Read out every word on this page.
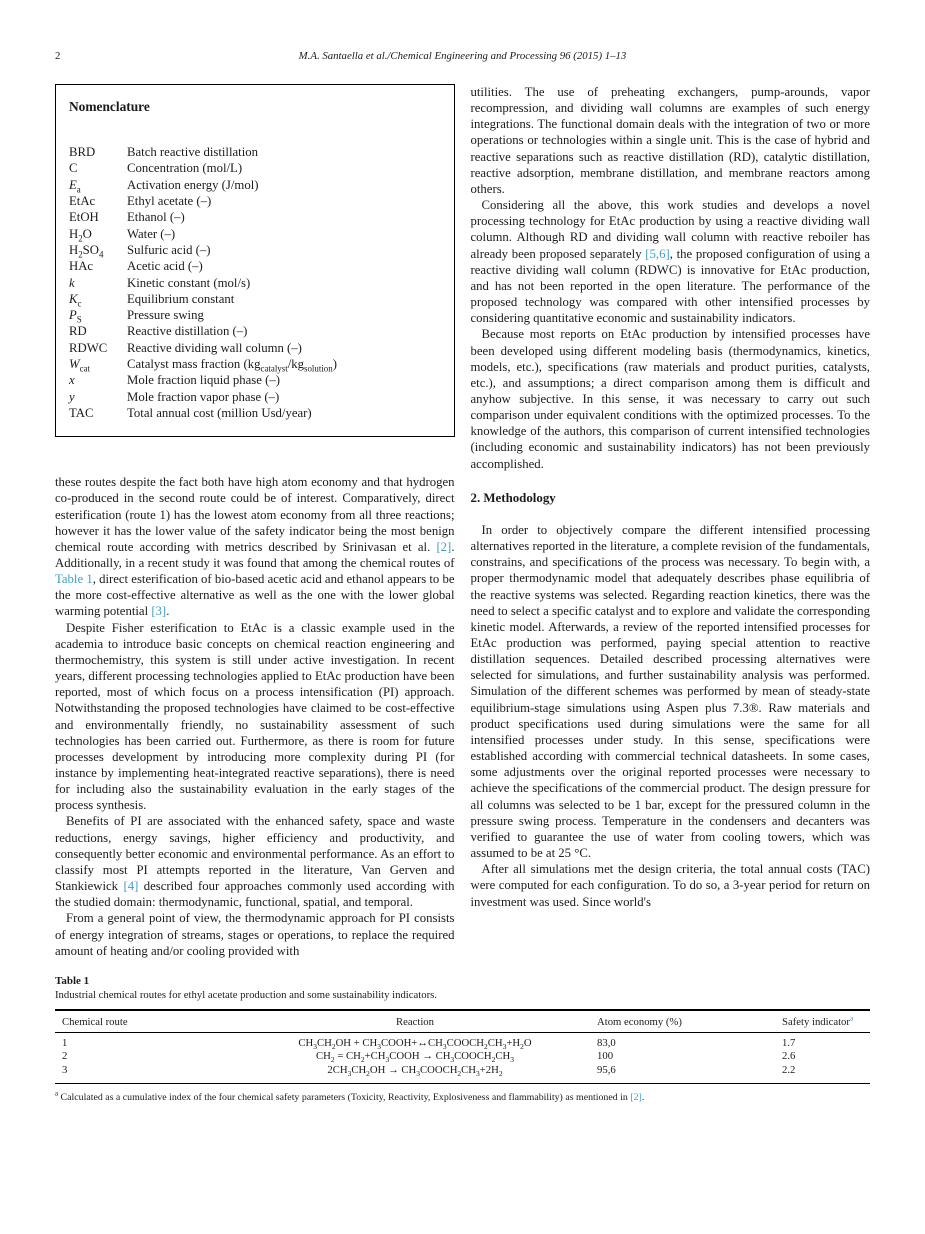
2	M.A. Santaella et al./Chemical Engineering and Processing 96 (2015) 1–13
Nomenclature
BRD	Batch reactive distillation
C	Concentration (mol/L)
$E_a$	Activation energy (J/mol)
EtAc	Ethyl acetate (–)
EtOH	Ethanol (–)
$H_2O$	Water (–)
$H_2SO_4$	Sulfuric acid (–)
HAc	Acetic acid (–)
k	Kinetic constant (mol/s)
$K_c$	Equilibrium constant
$P_S$	Pressure swing
RD	Reactive distillation (–)
RDWC	Reactive dividing wall column (–)
$W_{cat}$	Catalyst mass fraction $(kg_{catalyst}/kg_{solution})$
x	Mole fraction liquid phase (–)
y	Mole fraction vapor phase (–)
TAC	Total annual cost (million Usd/year)

these routes despite the fact both have high atom economy and that hydrogen co-produced in the second route could be of interest. Comparatively, direct esterification (route 1) has the lowest atom economy from all three reactions; however it has the lower value of the safety indicator being the most benign chemical route according with metrics described by Srinivasan et al. [2]. Additionally, in a recent study it was found that among the chemical routes of Table 1, direct esterification of bio-based acetic acid and ethanol appears to be the more cost-effective alternative as well as the one with the lower global warming potential [3].

Despite Fisher esterification to EtAc is a classic example used in the academia to introduce basic concepts on chemical reaction engineering and thermochemistry, this system is still under active investigation. In recent years, different processing technologies applied to EtAc production have been reported, most of which focus on a process intensification (PI) approach. Notwithstanding the proposed technologies have claimed to be cost-effective and environmentally friendly, no sustainability assessment of such technologies has been carried out. Furthermore, as there is room for future processes development by introducing more complexity during PI (for instance by implementing heat-integrated reactive separations), there is need for including also the sustainability evaluation in the early stages of the process synthesis.

Benefits of PI are associated with the enhanced safety, space and waste reductions, energy savings, higher efficiency and productivity, and consequently better economic and environmental performance. As an effort to classify most PI attempts reported in the literature, Van Gerven and Stankiewick [4] described four approaches commonly used according with the studied domain: thermodynamic, functional, spatial, and temporal.

From a general point of view, the thermodynamic approach for PI consists of energy integration of streams, stages or operations, to replace the required amount of heating and/or cooling provided with

utilities. The use of preheating exchangers, pump-arounds, vapor recompression, and dividing wall columns are examples of such energy integrations. The functional domain deals with the integration of two or more operations or technologies within a single unit. This is the case of hybrid and reactive separations such as reactive distillation (RD), catalytic distillation, reactive adsorption, membrane distillation, and membrane reactors among others.

Considering all the above, this work studies and develops a novel processing technology for EtAc production by using a reactive dividing wall column. Although RD and dividing wall column with reactive reboiler has already been proposed separately [5,6], the proposed configuration of using a reactive dividing wall column (RDWC) is innovative for EtAc production, and has not been reported in the open literature. The performance of the proposed technology was compared with other intensified processes by considering quantitative economic and sustainability indicators.

Because most reports on EtAc production by intensified processes have been developed using different modeling basis (thermodynamics, kinetics, models, etc.), specifications (raw materials and product purities, catalysts, etc.), and assumptions; a direct comparison among them is difficult and anyhow subjective. In this sense, it was necessary to carry out such comparison under equivalent conditions with the optimized processes. To the knowledge of the authors, this comparison of current intensified technologies (including economic and sustainability indicators) has not been previously accomplished.

2. Methodology

In order to objectively compare the different intensified processing alternatives reported in the literature, a complete revision of the fundamentals, constrains, and specifications of the process was necessary. To begin with, a proper thermodynamic model that adequately describes phase equilibria of the reactive systems was selected. Regarding reaction kinetics, there was the need to select a specific catalyst and to explore and validate the corresponding kinetic model. Afterwards, a review of the reported intensified processes for EtAc production was performed, paying special attention to reactive distillation sequences. Detailed described processing alternatives were selected for simulations, and further sustainability analysis was performed. Simulation of the different schemes was performed by mean of steady-state equilibrium-stage simulations using Aspen plus 7.3®. Raw materials and product specifications used during simulations were the same for all intensified processes under study. In this sense, specifications were established according with commercial technical datasheets. In some cases, some adjustments over the original reported processes were necessary to achieve the specifications of the commercial product. The design pressure for all columns was selected to be 1 bar, except for the pressured column in the pressure swing process. Temperature in the condensers and decanters was verified to guarantee the use of water from cooling towers, which was assumed to be at 25 °C.

After all simulations met the design criteria, the total annual costs (TAC) were computed for each configuration. To do so, a 3-year period for return on investment was used. Since world's

Table 1
Industrial chemical routes for ethyl acetate production and some sustainability indicators.
Chemical route	Reaction	Atom economy (%)	Safety indicator$^a$
1	$CH_3CH_2OH$ + $CH_3COOH+\leftrightarrow CH_3COOCH_2CH_3+H_2O$	83,0	1.7
2	$CH_2$ = $CH_2+CH_3COOH$ → $CH_3COOCH_2CH_3$	100	2.6
3	$2CH_3CH_2OH$ → $CH_3COOCH_2CH_3+2H_2$	95,6	2.2
$^a$ Calculated as a cumulative index of the four chemical safety parameters (Toxicity, Reactivity, Explosiveness and flammability) as mentioned in [2].
